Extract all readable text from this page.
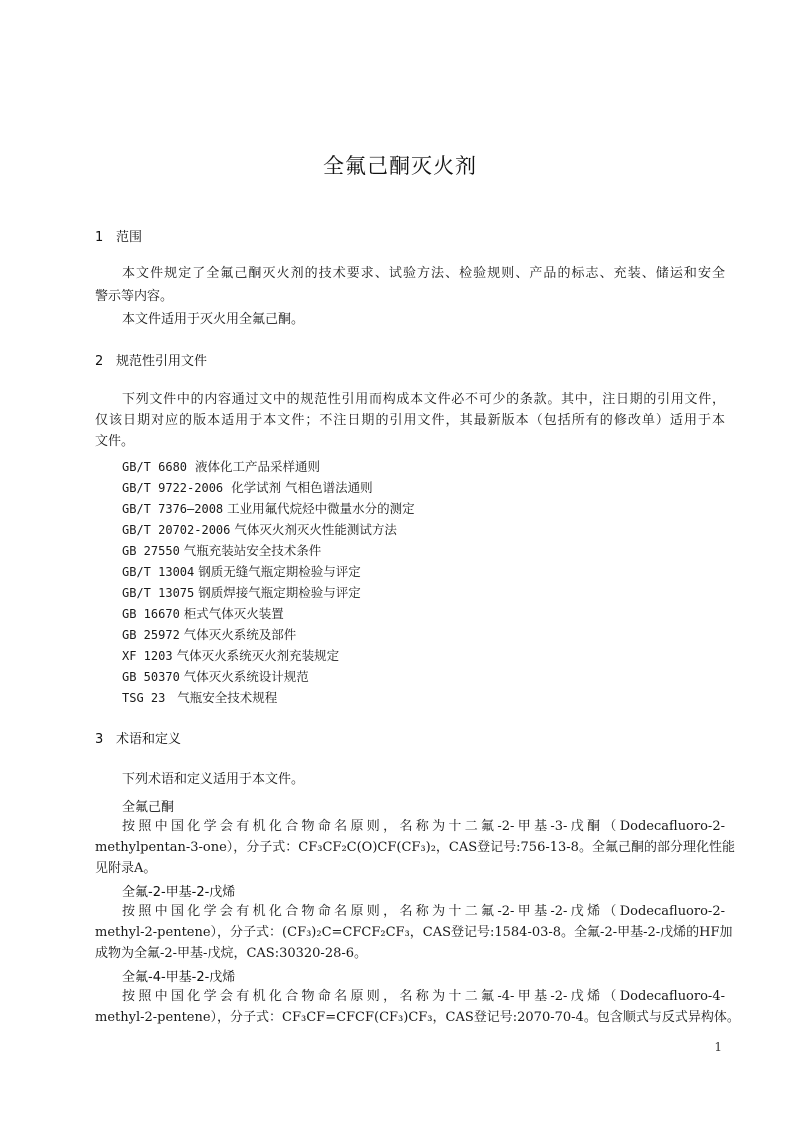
全氟己酮灭火剂
1 范围
本文件规定了全氟己酮灭火剂的技术要求、试验方法、检验规则、产品的标志、充装、储运和安全
警示等内容。
本文件适用于灭火用全氟己酮。
2 规范性引用文件
下列文件中的内容通过文中的规范性引用而构成本文件必不可少的条款。其中，注日期的引用文件，
仅该日期对应的版本适用于本文件；不注日期的引用文件，其最新版本（包括所有的修改单）适用于本
文件。
GB/T 6680 液体化工产品采样通则
GB/T 9722-2006 化学试剂 气相色谱法通则
GB/T 7376—2008 工业用氟代烷烃中微量水分的测定
GB/T 20702-2006 气体灭火剂灭火性能测试方法
GB 27550 气瓶充装站安全技术条件
GB/T 13004 钢质无缝气瓶定期检验与评定
GB/T 13075 钢质焊接气瓶定期检验与评定
GB 16670 柜式气体灭火装置
GB 25972 气体灭火系统及部件
XF 1203 气体灭火系统灭火剂充装规定
GB 50370 气体灭火系统设计规范
TSG 23 气瓶安全技术规程
3 术语和定义
下列术语和定义适用于本文件。
全氟己酮
按照中国化学会有机化合物命名原则，名称为十二氟-2-甲基-3-戊酮（Dodecafluoro-2-
methylpentan-3-one），分子式：CF₃CF₂C(O)CF(CF₃)₂，CAS登记号:756-13-8。全氟己酮的部分理化性能
见附录A。
全氟-2-甲基-2-戊烯
按照中国化学会有机化合物命名原则，名称为十二氟-2-甲基-2-戊烯（Dodecafluoro-2-
methyl-2-pentene），分子式：(CF₃)₂C=CFCF₂CF₃，CAS登记号:1584-03-8。全氟-2-甲基-2-戊烯的HF加
成物为全氟-2-甲基-戊烷，CAS:30320-28-6。
全氟-4-甲基-2-戊烯
按照中国化学会有机化合物命名原则，名称为十二氟-4-甲基-2-戊烯（Dodecafluoro-4-
methyl-2-pentene），分子式：CF₃CF=CFCF(CF₃)CF₃，CAS登记号:2070-70-4。包含顺式与反式异构体。
1
